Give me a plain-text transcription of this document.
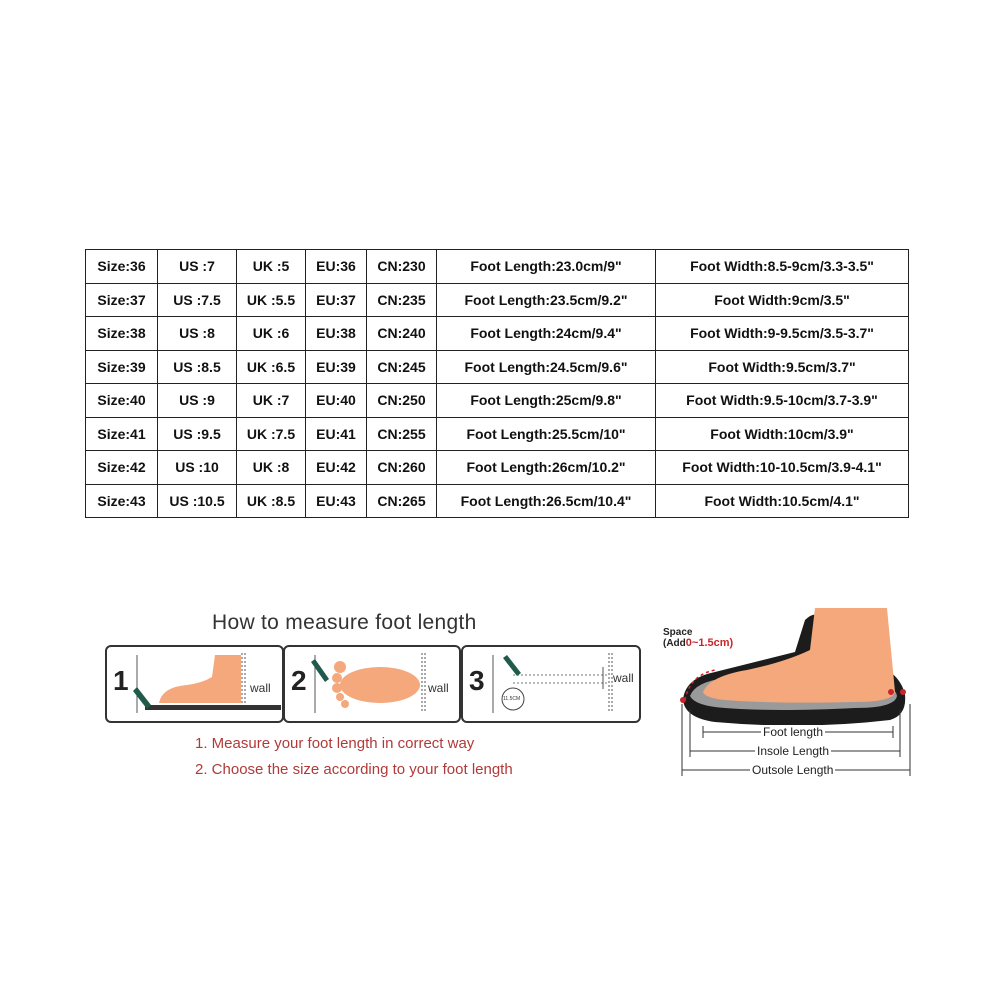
Size:36	US :7	UK :5	EU:36	CN:230	Foot Length:23.0cm/9"	Foot Width:8.5-9cm/3.3-3.5"
Size:37	US :7.5	UK :5.5	EU:37	CN:235	Foot Length:23.5cm/9.2"	Foot Width:9cm/3.5"
Size:38	US :8	UK :6	EU:38	CN:240	Foot Length:24cm/9.4"	Foot Width:9-9.5cm/3.5-3.7"
Size:39	US :8.5	UK :6.5	EU:39	CN:245	Foot Length:24.5cm/9.6"	Foot Width:9.5cm/3.7"
Size:40	US :9	UK :7	EU:40	CN:250	Foot Length:25cm/9.8"	Foot Width:9.5-10cm/3.7-3.9"
Size:41	US :9.5	UK :7.5	EU:41	CN:255	Foot Length:25.5cm/10"	Foot Width:10cm/3.9"
Size:42	US :10	UK :8	EU:42	CN:260	Foot Length:26cm/10.2"	Foot Width:10-10.5cm/3.9-4.1"
Size:43	US :10.5	UK :8.5	EU:43	CN:265	Foot Length:26.5cm/10.4"	Foot Width:10.5cm/4.1"
How to measure foot length
1	wall 2	wall 3
11.5CM
wall
1. Measure your foot length in correct way
2. Choose the size according to your foot length
Space
(Add0~1.5cm)
Foot length
Insole Length
Outsole Length
